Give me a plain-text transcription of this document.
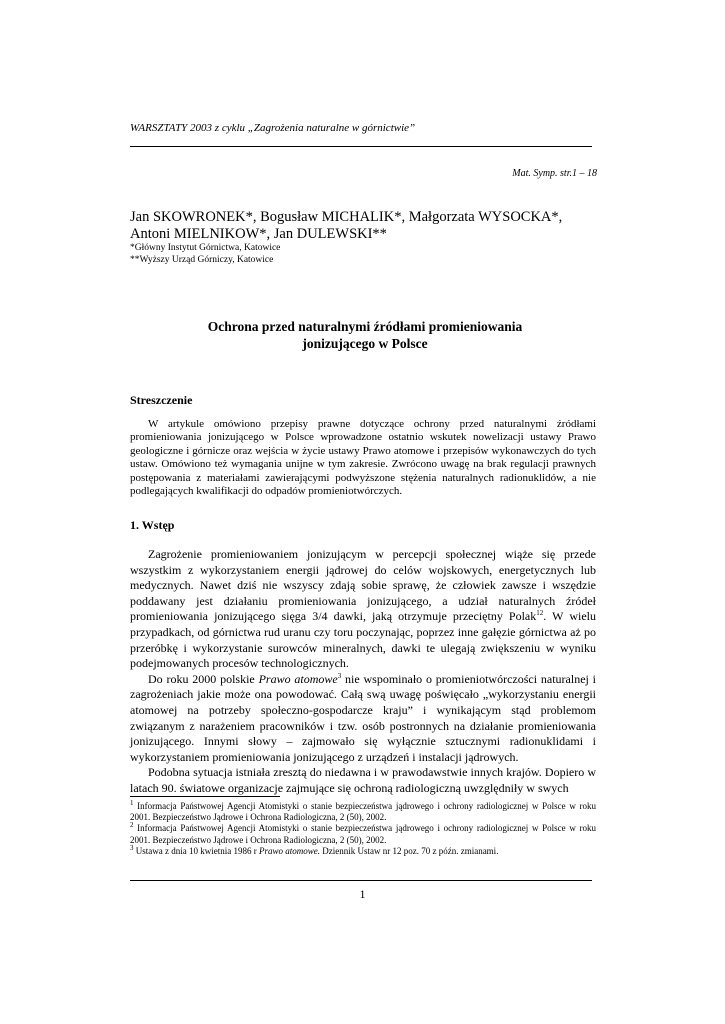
WARSZTATY 2003 z cyklu „Zagrożenia naturalne w górnictwie”
Mat. Symp. str.1 – 18
Jan SKOWRONEK*, Bogusław MICHALIK*, Małgorzata WYSOCKA*,
Antoni MIELNIKOW*, Jan DULEWSKI**
*Główny Instytut Górnictwa, Katowice
**Wyższy Urząd Górniczy, Katowice
Ochrona przed naturalnymi źródłami promieniowania
jonizującego w Polsce
Streszczenie

W artykule omówiono przepisy prawne dotyczące ochrony przed naturalnymi źródłami promieniowania jonizującego w Polsce wprowadzone ostatnio wskutek nowelizacji ustawy Prawo geologiczne i górnicze oraz wejścia w życie ustawy Prawo atomowe i przepisów wykonawczych do tych ustaw. Omówiono też wymagania unijne w tym zakresie. Zwrócono uwagę na brak regulacji prawnych postępowania z materiałami zawierającymi podwyższone stężenia naturalnych radionuklidów, a nie podlegających kwalifikacji do odpadów promieniotwórczych.

1. Wstęp

Zagrożenie promieniowaniem jonizującym w percepcji społecznej wiąże się przede wszystkim z wykorzystaniem energii jądrowej do celów wojskowych, energetycznych lub medycznych. Nawet dziś nie wszyscy zdają sobie sprawę, że człowiek zawsze i wszędzie poddawany jest działaniu promieniowania jonizującego, a udział naturalnych źródeł promieniowania jonizującego sięga 3/4 dawki, jaką otrzymuje przeciętny Polak$^{12}$. W wielu przypadkach, od górnictwa rud uranu czy toru poczynając, poprzez inne gałęzie górnictwa aż po przeróbkę i wykorzystanie surowców mineralnych, dawki te ulegają zwiększeniu w wyniku podejmowanych procesów technologicznych.

Do roku 2000 polskie Prawo atomowe$^3$ nie wspominało o promieniotwórczości naturalnej i zagrożeniach jakie może ona powodować. Całą swą uwagę poświęcało „wykorzystaniu energii atomowej na potrzeby społeczno-gospodarcze kraju” i wynikającym stąd problemom związanym z narażeniem pracowników i tzw. osób postronnych na działanie promieniowania jonizującego. Innymi słowy – zajmowało się wyłącznie sztucznymi radionuklidami i wykorzystaniem promieniowania jonizującego z urządzeń i instalacji jądrowych.

Podobna sytuacja istniała zresztą do niedawna i w prawodawstwie innych krajów. Dopiero w latach 90. światowe organizacje zajmujące się ochroną radiologiczną uwzględniły w swych

$^1$ Informacja Państwowej Agencji Atomistyki o stanie bezpieczeństwa jądrowego i ochrony radiologicznej w Polsce w roku 2001. Bezpieczeństwo Jądrowe i Ochrona Radiologiczna, 2 (50), 2002.
$^2$ Informacja Państwowej Agencji Atomistyki o stanie bezpieczeństwa jądrowego i ochrony radiologicznej w Polsce w roku 2001. Bezpieczeństwo Jądrowe i Ochrona Radiologiczna, 2 (50), 2002.
$^3$ Ustawa z dnia 10 kwietnia 1986 r Prawo atomowe. Dziennik Ustaw nr 12 poz. 70 z późn. zmianami.
1
